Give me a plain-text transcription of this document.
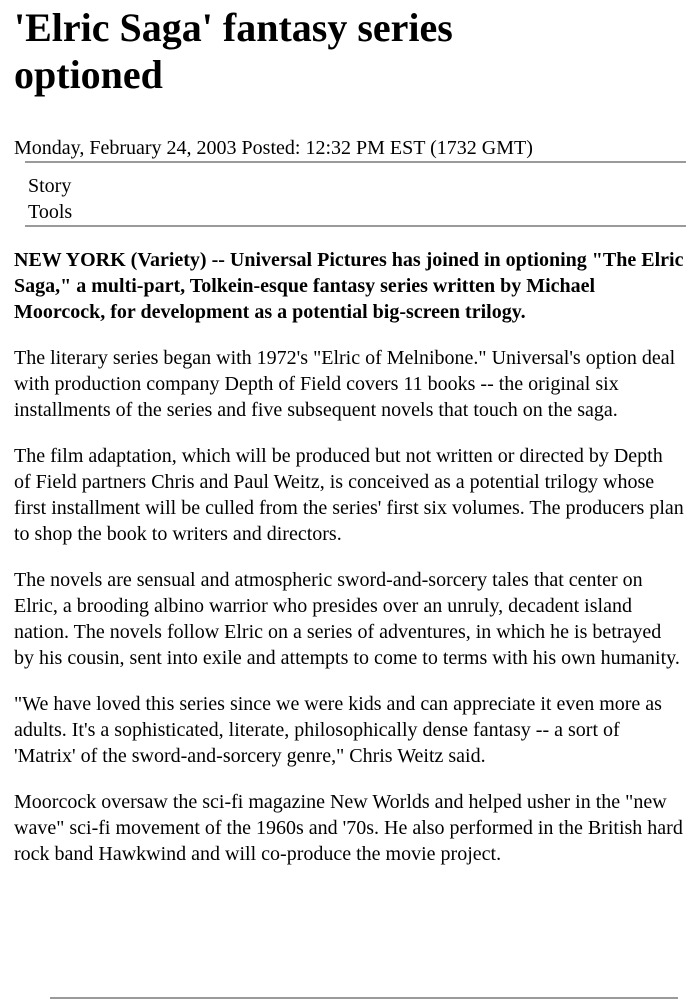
'Elric Saga' fantasy series
optioned
Monday, February 24, 2003 Posted: 12:32 PM EST (1732 GMT)
Story
Tools

NEW YORK (Variety) -- Universal Pictures has joined in optioning "The Elric Saga," a multi-part, Tolkein-esque fantasy series written by Michael Moorcock, for development as a potential big-screen trilogy.

The literary series began with 1972's "Elric of Melnibone." Universal's option deal with production company Depth of Field covers 11 books -- the original six installments of the series and five subsequent novels that touch on the saga.

The film adaptation, which will be produced but not written or directed by Depth of Field partners Chris and Paul Weitz, is conceived as a potential trilogy whose first installment will be culled from the series' first six volumes. The producers plan to shop the book to writers and directors.

The novels are sensual and atmospheric sword-and-sorcery tales that center on Elric, a brooding albino warrior who presides over an unruly, decadent island nation. The novels follow Elric on a series of adventures, in which he is betrayed by his cousin, sent into exile and attempts to come to terms with his own humanity.

"We have loved this series since we were kids and can appreciate it even more as adults. It's a sophisticated, literate, philosophically dense fantasy -- a sort of 'Matrix' of the sword-and-sorcery genre," Chris Weitz said.

Moorcock oversaw the sci-fi magazine New Worlds and helped usher in the "new wave" sci-fi movement of the 1960s and '70s. He also performed in the British hard rock band Hawkwind and will co-produce the movie project.
